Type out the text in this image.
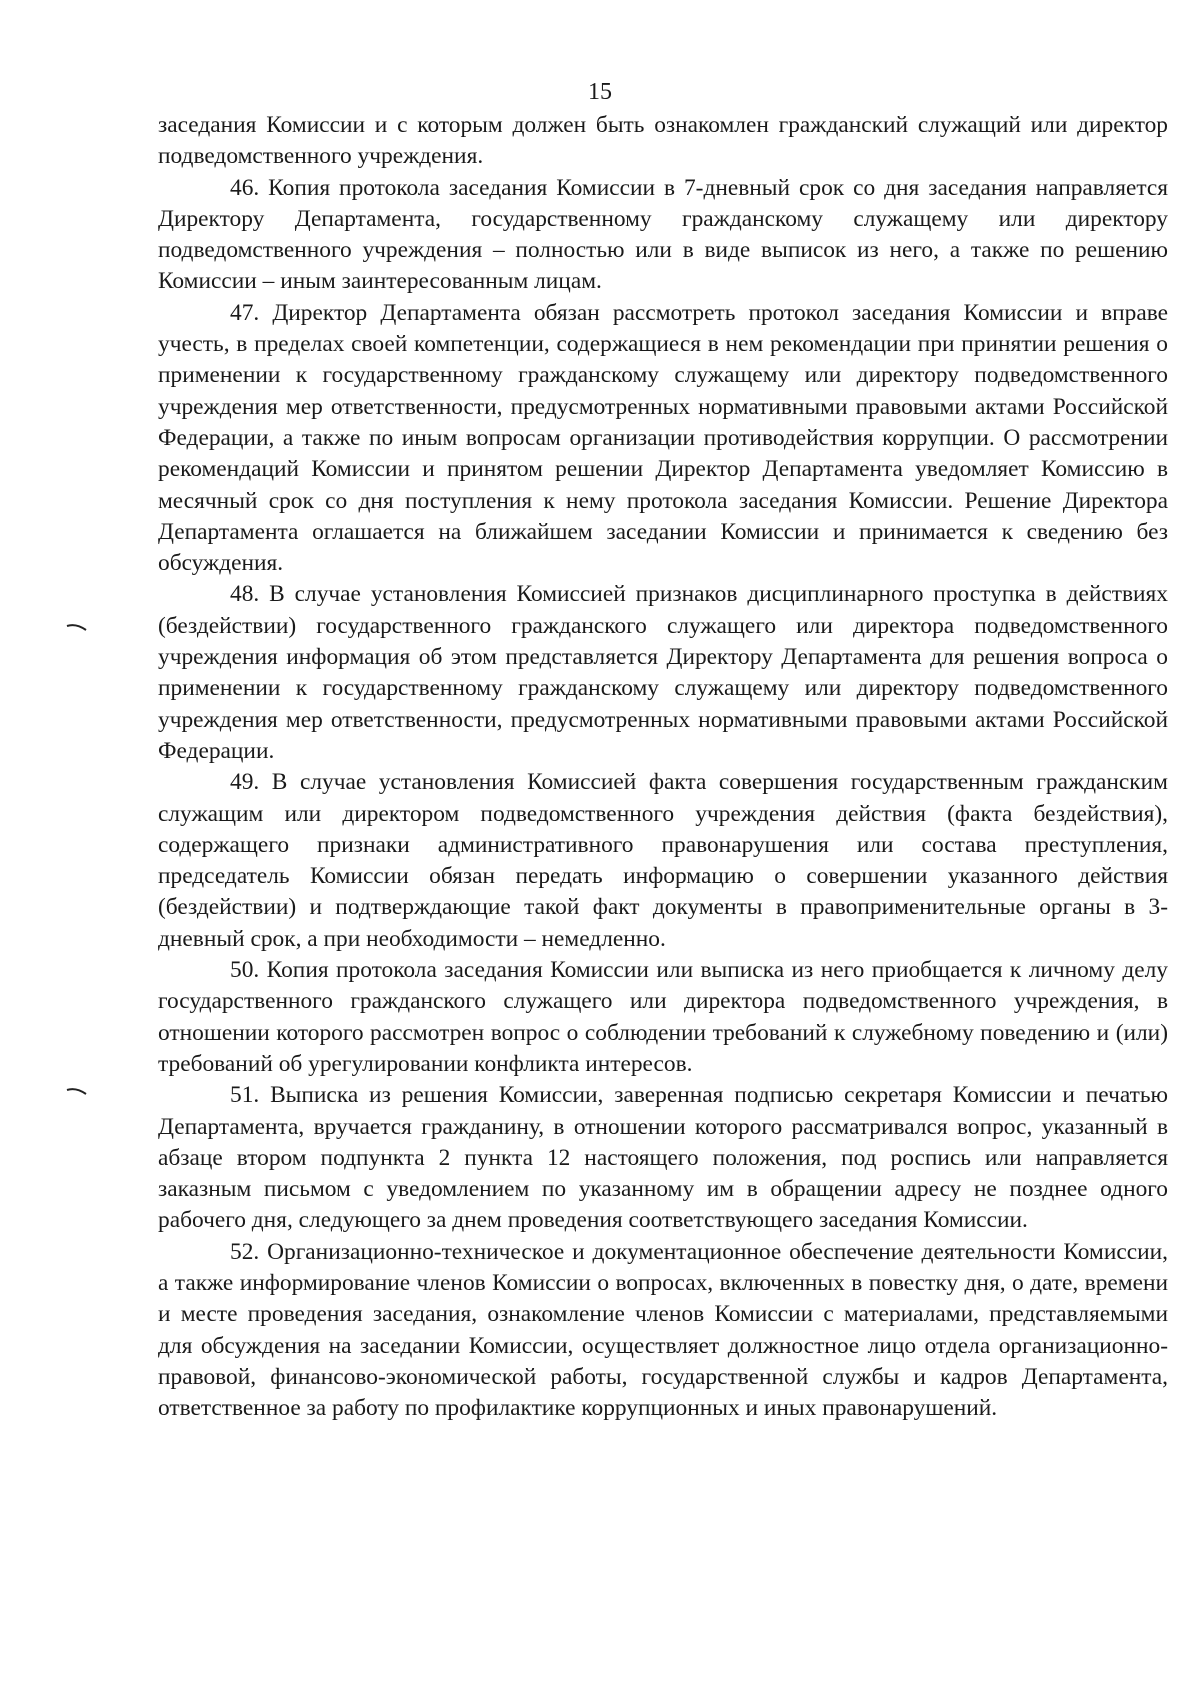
15

заседания Комиссии и с которым должен быть ознакомлен гражданский служащий или директор подведомственного учреждения.

46. Копия протокола заседания Комиссии в 7-дневный срок со дня заседания направляется Директору Департамента, государственному гражданскому служащему или директору подведомственного учреждения – полностью или в виде выписок из него, а также по решению Комиссии – иным заинтересованным лицам.

47. Директор Департамента обязан рассмотреть протокол заседания Комиссии и вправе учесть, в пределах своей компетенции, содержащиеся в нем рекомендации при принятии решения о применении к государственному гражданскому служащему или директору подведомственного учреждения мер ответственности, предусмотренных нормативными правовыми актами Российской Федерации, а также по иным вопросам организации противодействия коррупции. О рассмотрении рекомендаций Комиссии и принятом решении Директор Департамента уведомляет Комиссию в месячный срок со дня поступления к нему протокола заседания Комиссии. Решение Директора Департамента оглашается на ближайшем заседании Комиссии и принимается к сведению без обсуждения.

48. В случае установления Комиссией признаков дисциплинарного проступка в действиях (бездействии) государственного гражданского служащего или директора подведомственного учреждения информация об этом представляется Директору Департамента для решения вопроса о применении к государственному гражданскому служащему или директору подведомственного учреждения мер ответственности, предусмотренных нормативными правовыми актами Российской Федерации.

49. В случае установления Комиссией факта совершения государственным гражданским служащим или директором подведомственного учреждения действия (факта бездействия), содержащего признаки административного правонарушения или состава преступления, председатель Комиссии обязан передать информацию о совершении указанного действия (бездействии) и подтверждающие такой факт документы в правоприменительные органы в 3-дневный срок, а при необходимости – немедленно.

50. Копия протокола заседания Комиссии или выписка из него приобщается к личному делу государственного гражданского служащего или директора подведомственного учреждения, в отношении которого рассмотрен вопрос о соблюдении требований к служебному поведению и (или) требований об урегулировании конфликта интересов.

51. Выписка из решения Комиссии, заверенная подписью секретаря Комиссии и печатью Департамента, вручается гражданину, в отношении которого рассматривался вопрос, указанный в абзаце втором подпункта 2 пункта 12 настоящего положения, под роспись или направляется заказным письмом с уведомлением по указанному им в обращении адресу не позднее одного рабочего дня, следующего за днем проведения соответствующего заседания Комиссии.

52. Организационно-техническое и документационное обеспечение деятельности Комиссии, а также информирование членов Комиссии о вопросах, включенных в повестку дня, о дате, времени и месте проведения заседания, ознакомление членов Комиссии с материалами, представляемыми для обсуждения на заседании Комиссии, осуществляет должностное лицо отдела организационно-правовой, финансово-экономической работы, государственной службы и кадров Департамента, ответственное за работу по профилактике коррупционных и иных правонарушений.
